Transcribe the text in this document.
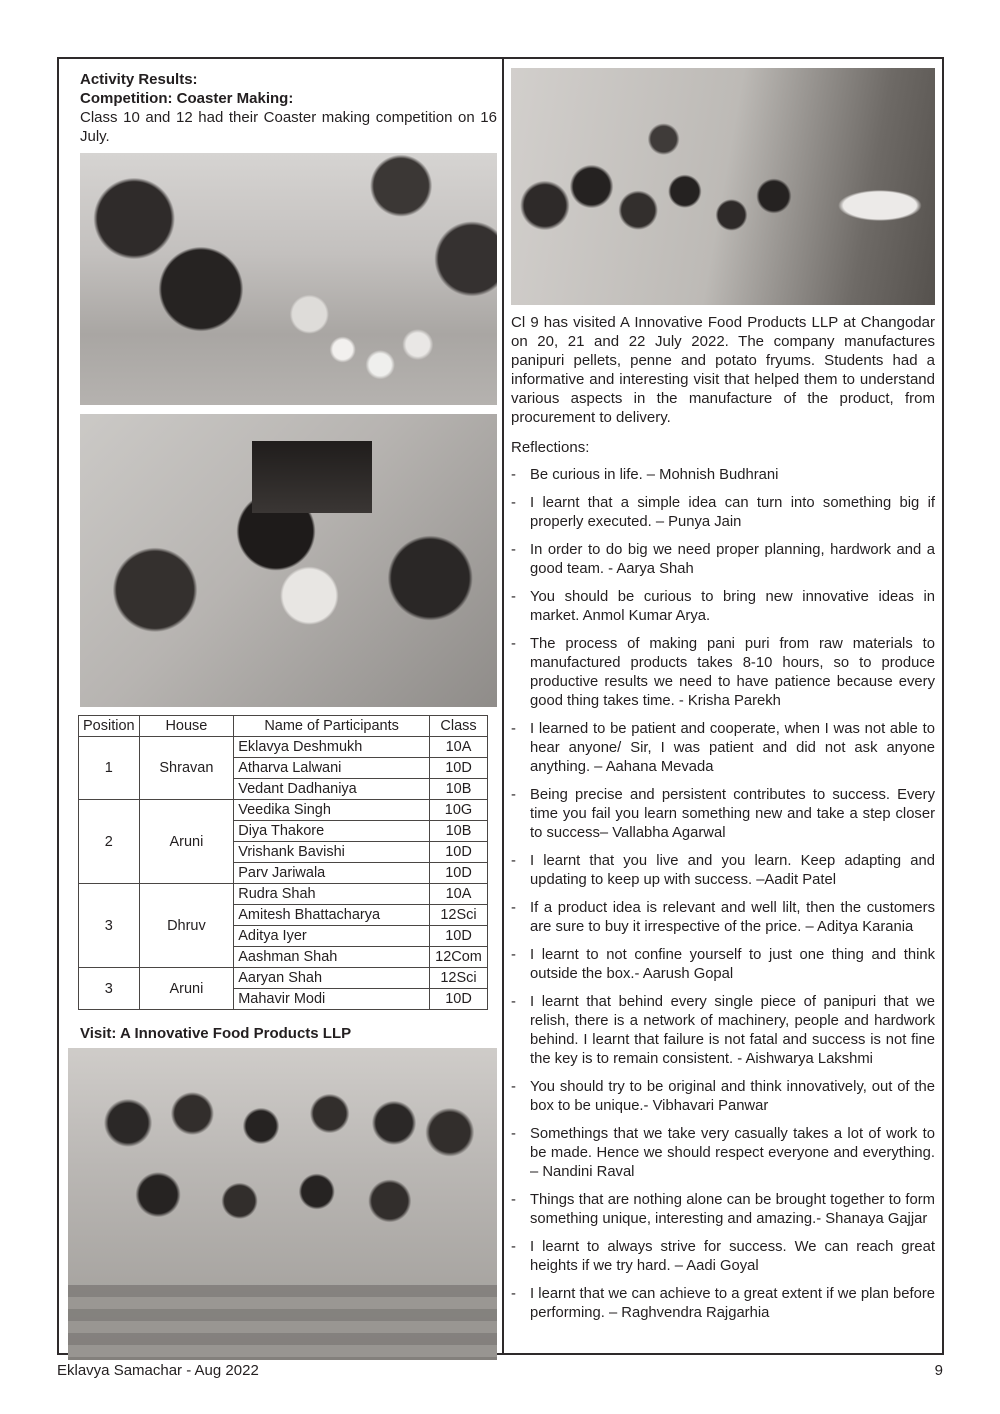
Activity Results:
Competition: Coaster Making:
Class 10 and 12 had their Coaster making competition on 16 July.
Position	House	Name of Participants	Class
1	Shravan	Eklavya Deshmukh	10A
		Atharva Lalwani	10D
		Vedant Dadhaniya	10B
2	Aruni	Veedika Singh	10G
		Diya Thakore	10B
		Vrishank Bavishi	10D
		Parv Jariwala	10D
3	Dhruv	Rudra Shah	10A
		Amitesh Bhattacharya	12Sci
		Aditya Iyer	10D
		Aashman Shah	12Com
3	Aruni	Aaryan Shah	12Sci
		Mahavir Modi	10D
Visit: A Innovative Food Products LLP
Cl 9 has visited A Innovative Food Products LLP at Changodar on 20, 21 and 22 July 2022. The company manufactures panipuri pellets, penne and potato fryums. Students had a informative and interesting visit that helped them to understand various aspects in the manufacture of the product, from procurement to delivery.
Reflections:
- Be curious in life. – Mohnish Budhrani
- I learnt that a simple idea can turn into something big if properly executed. – Punya Jain
- In order to do big we need proper planning, hardwork and a good team. - Aarya Shah
- You should be curious to bring new innovative ideas in market. Anmol Kumar Arya.
- The process of making pani puri from raw materials to manufactured products takes 8-10 hours, so to produce productive results we need to have patience because every good thing takes time. - Krisha Parekh
- I learned to be patient and cooperate, when I was not able to hear anyone/ Sir, I was patient and did not ask anyone anything. – Aahana Mevada
- Being precise and persistent contributes to success. Every time you fail you learn something new and take a step closer to success– Vallabha Agarwal
- I learnt that you live and you learn. Keep adapting and updating to keep up with success. –Aadit Patel
- If a product idea is relevant and well lilt, then the customers are sure to buy it irrespective of the price. – Aditya Karania
- I learnt to not confine yourself to just one thing and think outside the box.- Aarush Gopal
- I learnt that behind every single piece of panipuri that we relish, there is a network of machinery, people and hardwork behind. I learnt that failure is not fatal and success is not fine the key is to remain consistent. - Aishwarya Lakshmi
- You should try to be original and think innovatively, out of the box to be unique.- Vibhavari Panwar
- Somethings that we take very casually takes a lot of work to be made. Hence we should respect everyone and everything. – Nandini Raval
- Things that are nothing alone can be brought together to form something unique, interesting and amazing.- Shanaya Gajjar
- I learnt to always strive for success. We can reach great heights if we try hard. – Aadi Goyal
- I learnt that we can achieve to a great extent if we plan before performing. – Raghvendra Rajgarhia
Eklavya Samachar - Aug 2022	9
